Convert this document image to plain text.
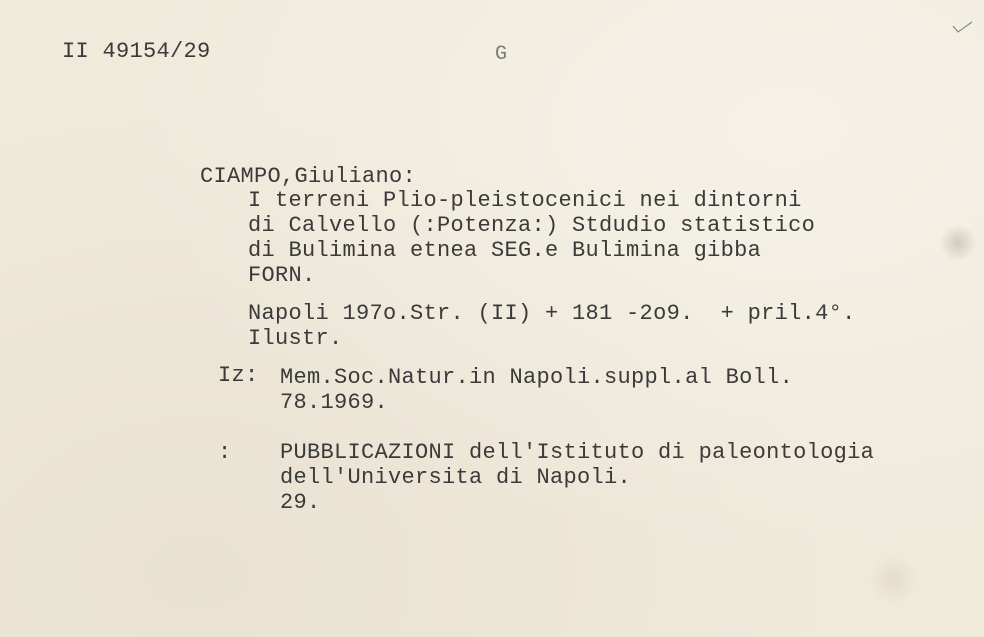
II 49154/29	G
CIAMPO,Giuliano:
I terreni Plio-pleistocenici nei dintorni
di Calvello (:Potenza:) Stdudio statistico
di Bulimina etnea SEG.e Bulimina gibba
FORN.
Napoli 197o.Str. (II) + 181 -2o9.  + pril.4°.
Ilustr.
Iz: Mem.Soc.Natur.in Napoli.suppl.al Boll.
78.1969.
: PUBBLICAZIONI dell'Istituto di paleontologia
dell'Universita di Napoli.
29.
